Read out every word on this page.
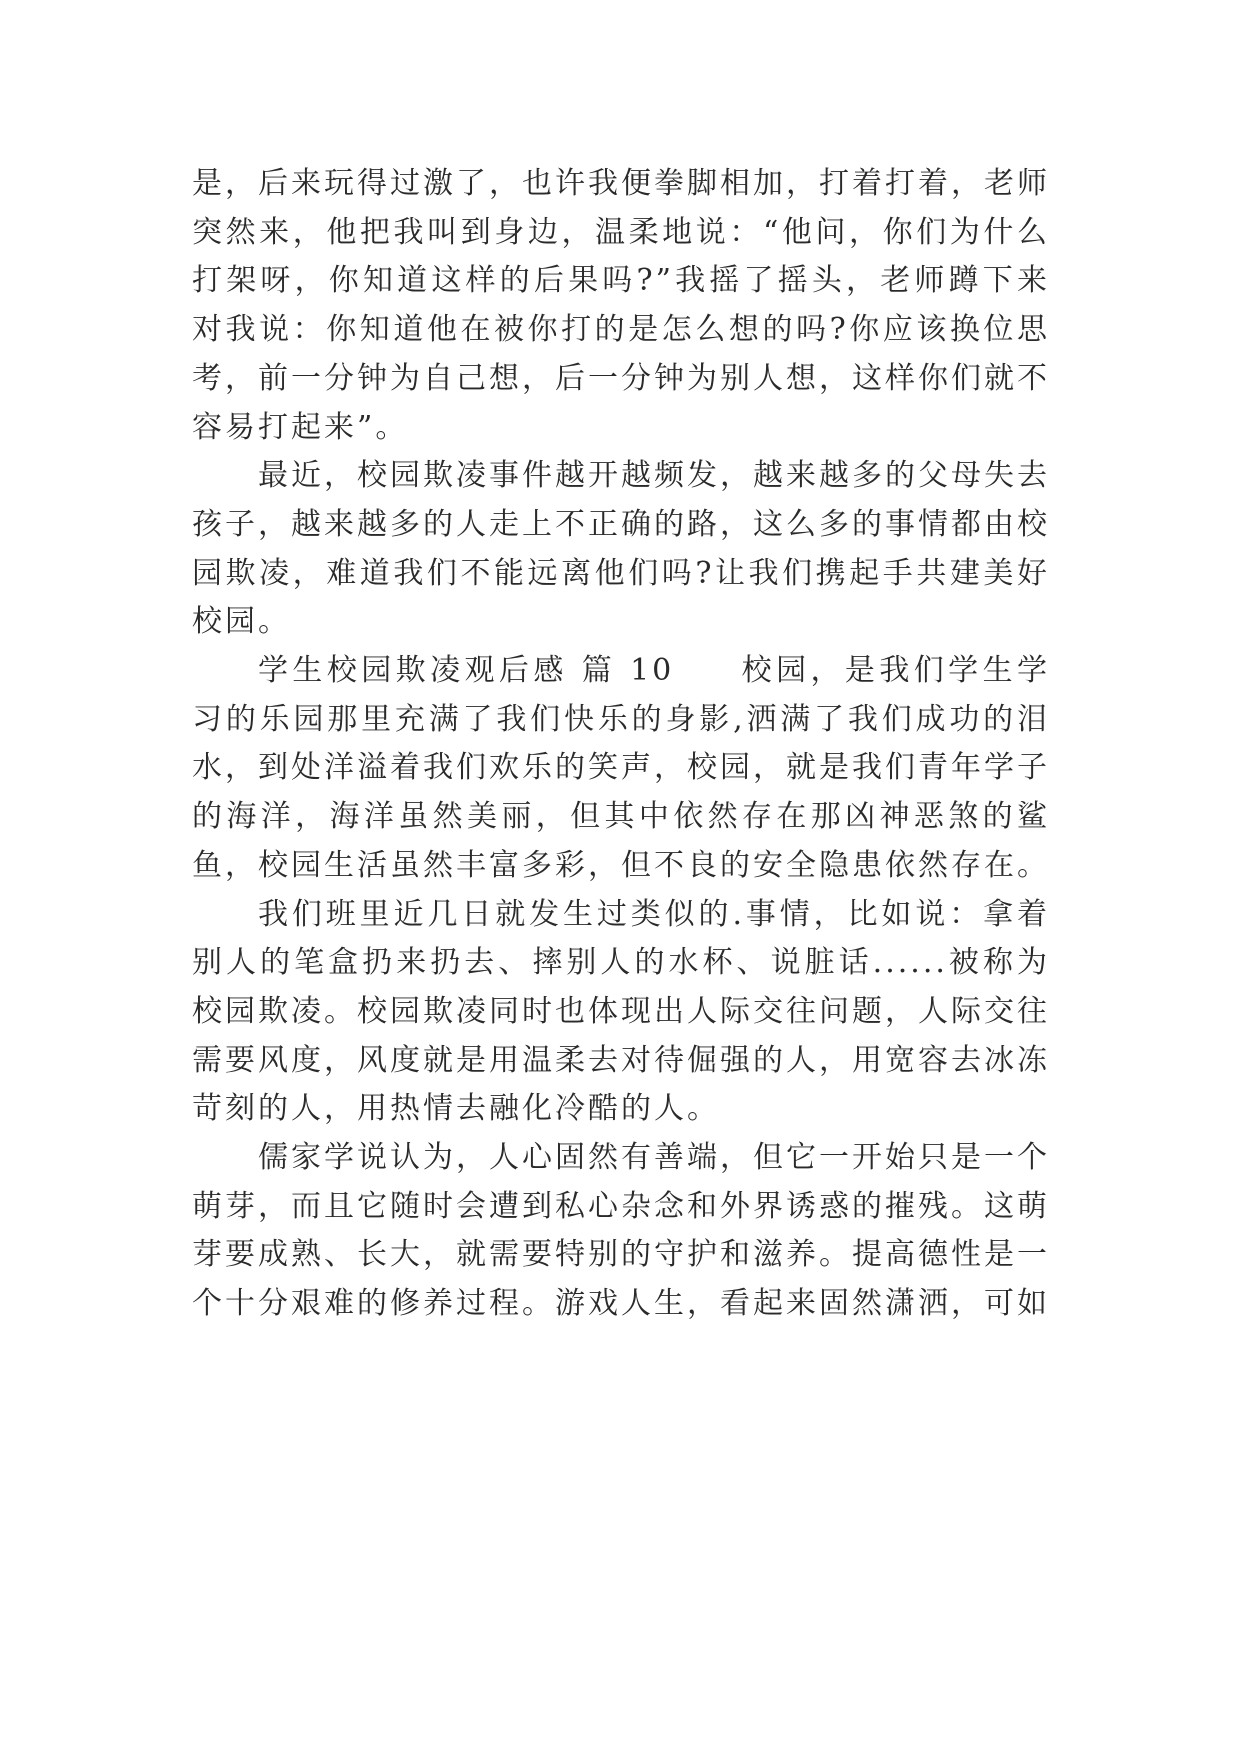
是，后来玩得过激了，也许我便拳脚相加，打着打着，老师突然来，他把我叫到身边，温柔地说：“他问，你们为什么打架呀，你知道这样的后果吗?”我摇了摇头，老师蹲下来对我说：你知道他在被你打的是怎么想的吗?你应该换位思考，前一分钟为自己想，后一分钟为别人想，这样你们就不容易打起来”。

最近，校园欺凌事件越开越频发，越来越多的父母失去孩子，越来越多的人走上不正确的路，这么多的事情都由校园欺凌，难道我们不能远离他们吗?让我们携起手共建美好校园。

学生校园欺凌观后感 篇 10 校园，是我们学生学习的乐园那里充满了我们快乐的身影,洒满了我们成功的泪水，到处洋溢着我们欢乐的笑声，校园，就是我们青年学子的海洋，海洋虽然美丽，但其中依然存在那凶神恶煞的鲨鱼，校园生活虽然丰富多彩，但不良的安全隐患依然存在。

我们班里近几日就发生过类似的.事情，比如说：拿着别人的笔盒扔来扔去、摔别人的水杯、说脏话......被称为校园欺凌。校园欺凌同时也体现出人际交往问题，人际交往需要风度，风度就是用温柔去对待倔强的人，用宽容去冰冻苛刻的人，用热情去融化冷酷的人。

儒家学说认为，人心固然有善端，但它一开始只是一个萌芽，而且它随时会遭到私心杂念和外界诱惑的摧残。这萌芽要成熟、长大，就需要特别的守护和滋养。提高德性是一个十分艰难的修养过程。游戏人生，看起来固然潇洒，可如
